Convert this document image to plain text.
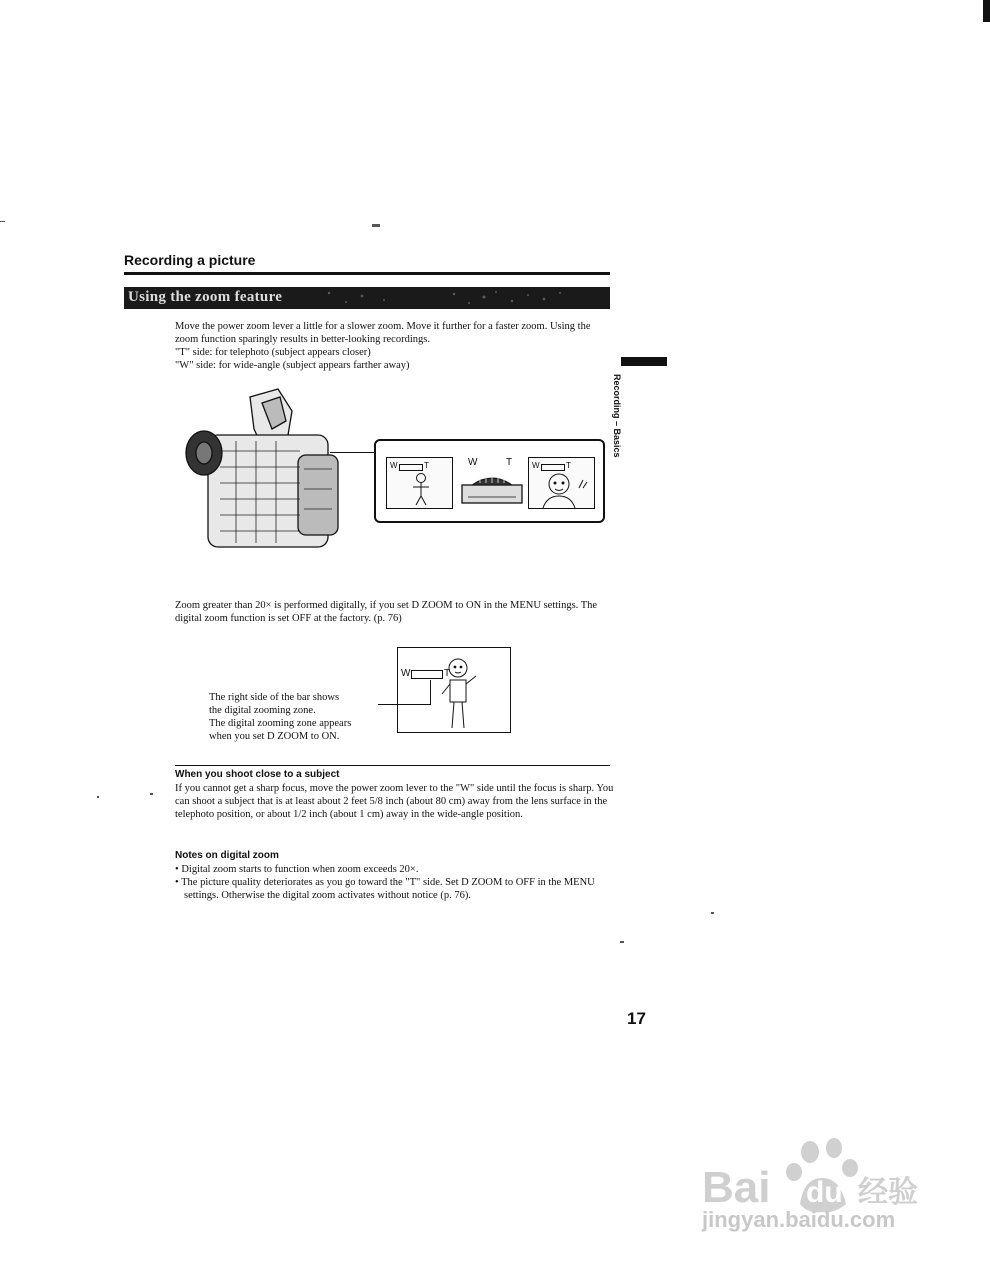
Recording a picture
Using the zoom feature
Move the power zoom lever a little for a slower zoom. Move it further for a faster zoom. Using the zoom function sparingly results in better-looking recordings.
"T" side: for telephoto (subject appears closer)
"W" side: for wide-angle (subject appears farther away)
Recording – Basics
W	T	W	T W	T
Zoom greater than 20× is performed digitally, if you set D ZOOM to ON in the MENU settings. The digital zoom function is set OFF at the factory. (p. 76)
W	T
The right side of the bar shows
the digital zooming zone.
The digital zooming zone appears
when you set D ZOOM to ON.
When you shoot close to a subject
If you cannot get a sharp focus, move the power zoom lever to the "W" side until the focus is sharp. You can shoot a subject that is at least about 2 feet 5/8 inch (about 80 cm) away from the lens surface in the telephoto position, or about 1/2 inch (about 1 cm) away in the wide-angle position.
Notes on digital zoom
• Digital zoom starts to function when zoom exceeds 20×.
• The picture quality deteriorates as you go toward the "T" side. Set D ZOOM to OFF in the MENU settings. Otherwise the digital zoom activates without notice (p. 76).
17
Bai du 经验
jingyan.baidu.com
